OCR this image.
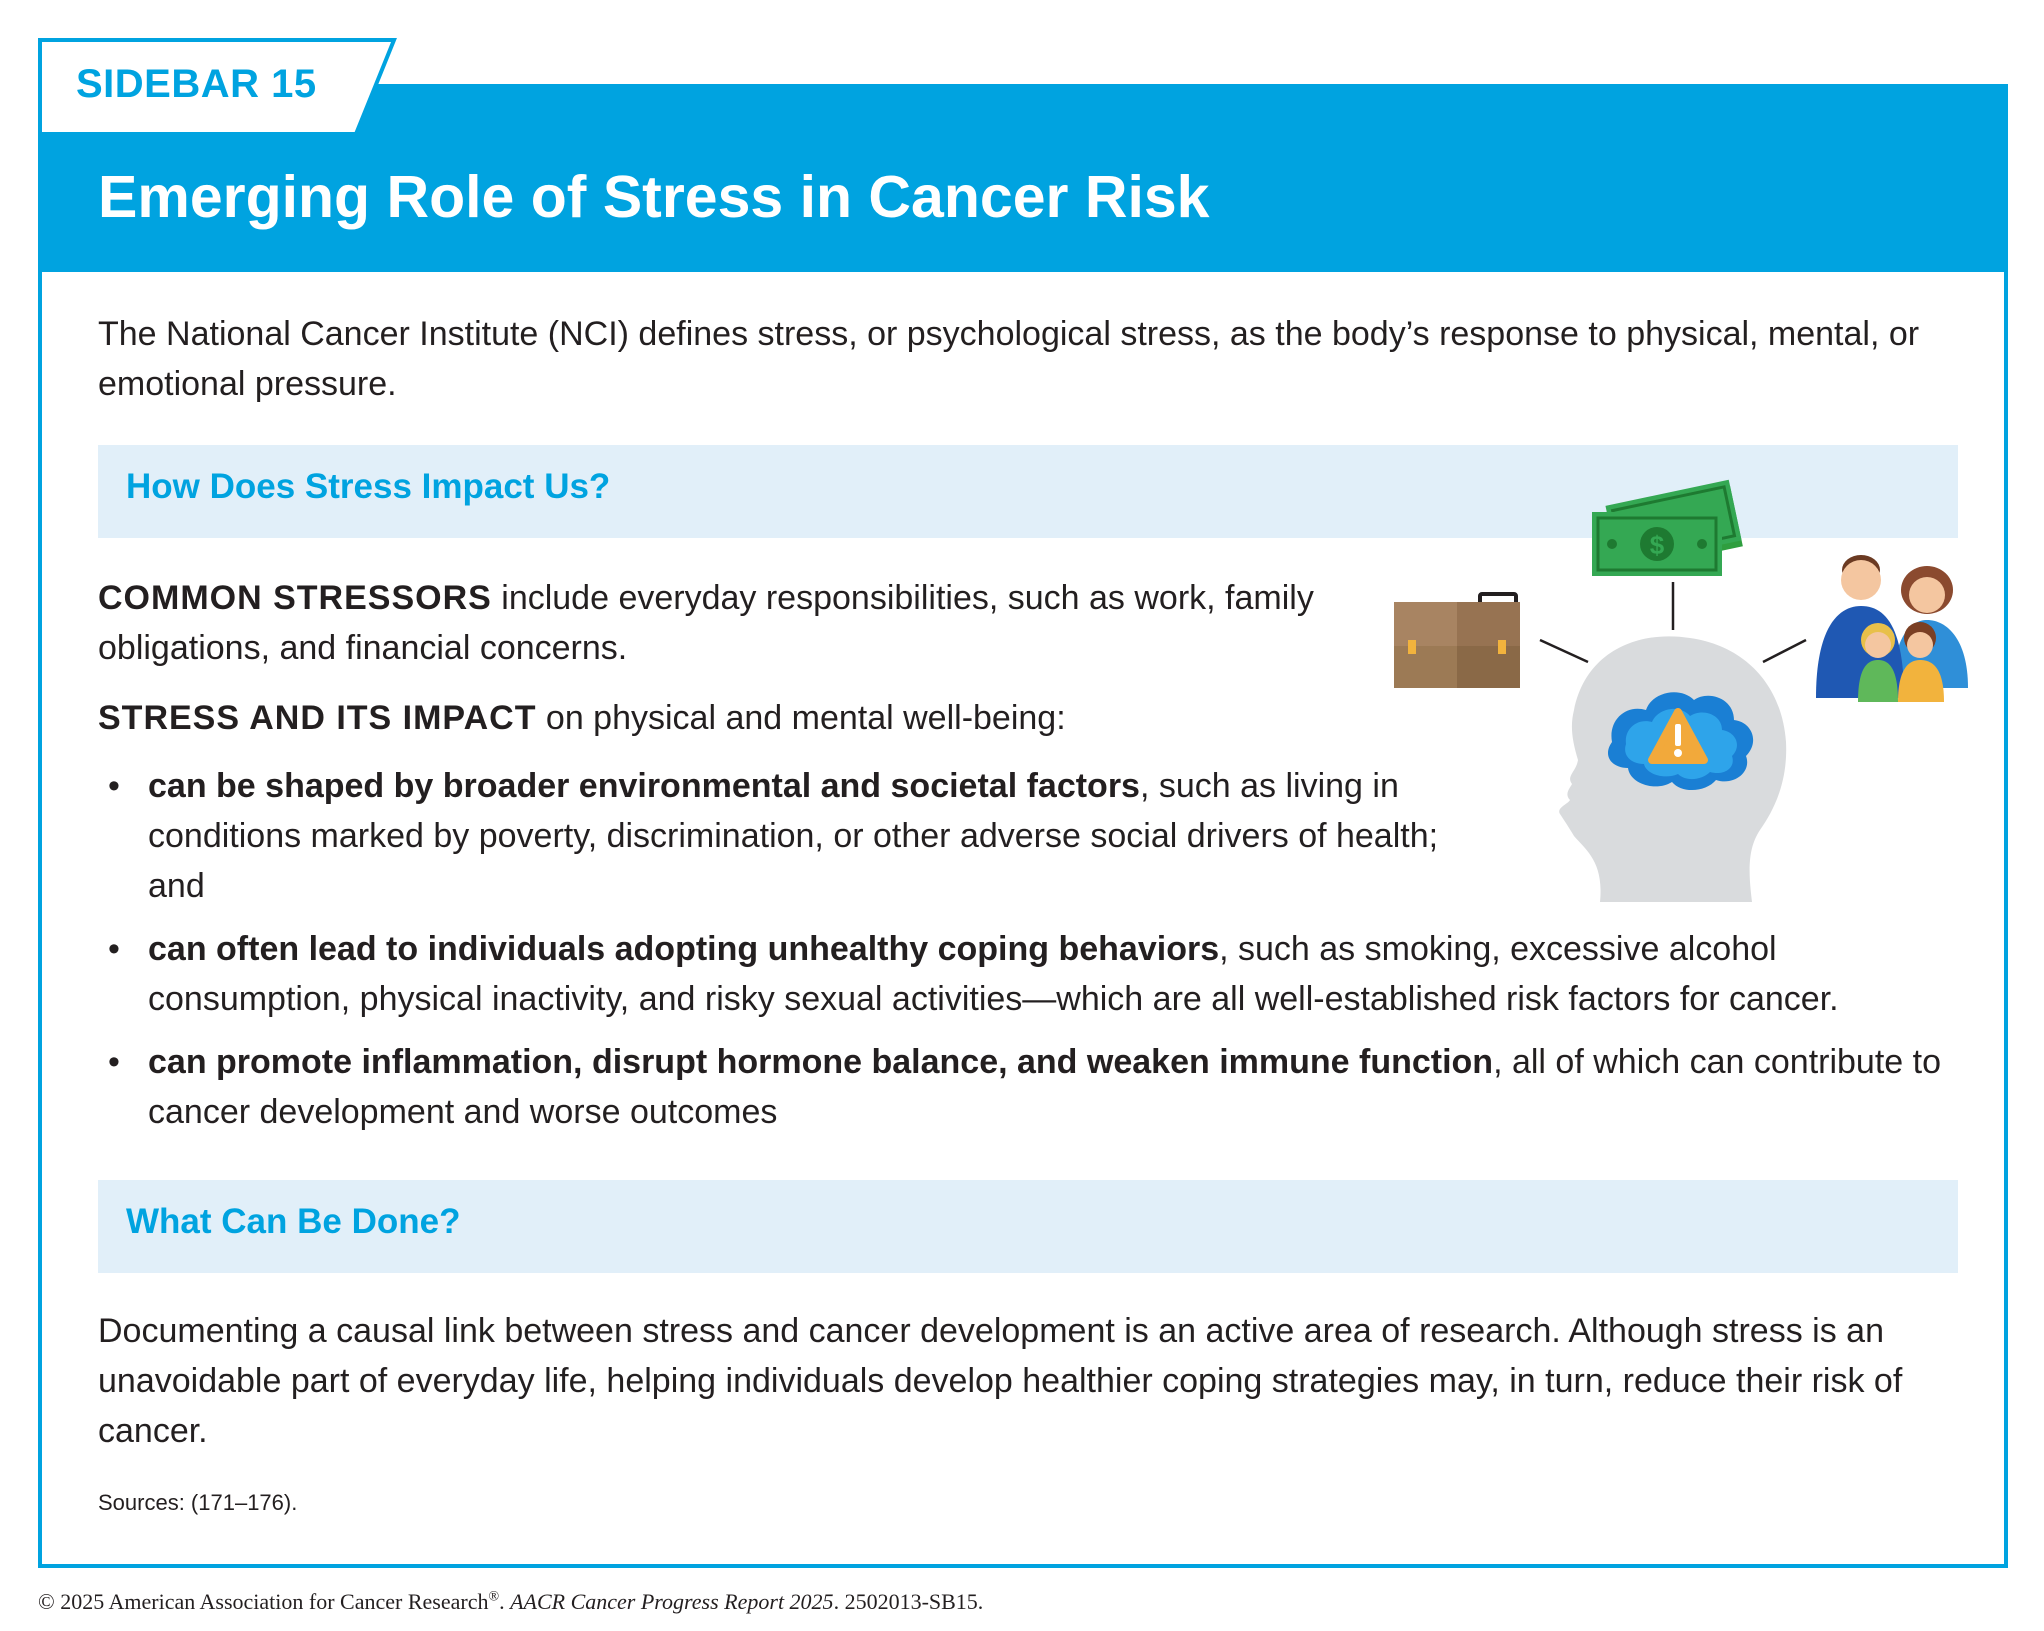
SIDEBAR 15
Emerging Role of Stress in Cancer Risk
The National Cancer Institute (NCI) defines stress, or psychological stress, as the body’s response to physical, mental, or emotional pressure.
How Does Stress Impact Us?
COMMON STRESSORS include everyday responsibilities, such as work, family obligations, and financial concerns.
STRESS AND ITS IMPACT on physical and mental well-being:
• can be shaped by broader environmental and societal factors, such as living in conditions marked by poverty, discrimination, or other adverse social drivers of health; and
• can often lead to individuals adopting unhealthy coping behaviors, such as smoking, excessive alcohol consumption, physical inactivity, and risky sexual activities—which are all well-established risk factors for cancer.
• can promote inflammation, disrupt hormone balance, and weaken immune function, all of which can contribute to cancer development and worse outcomes
What Can Be Done?
Documenting a causal link between stress and cancer development is an active area of research. Although stress is an unavoidable part of everyday life, helping individuals develop healthier coping strategies may, in turn, reduce their risk of cancer.
Sources: (171–176).
© 2025 American Association for Cancer Research®. AACR Cancer Progress Report 2025. 2502013-SB15.
$
